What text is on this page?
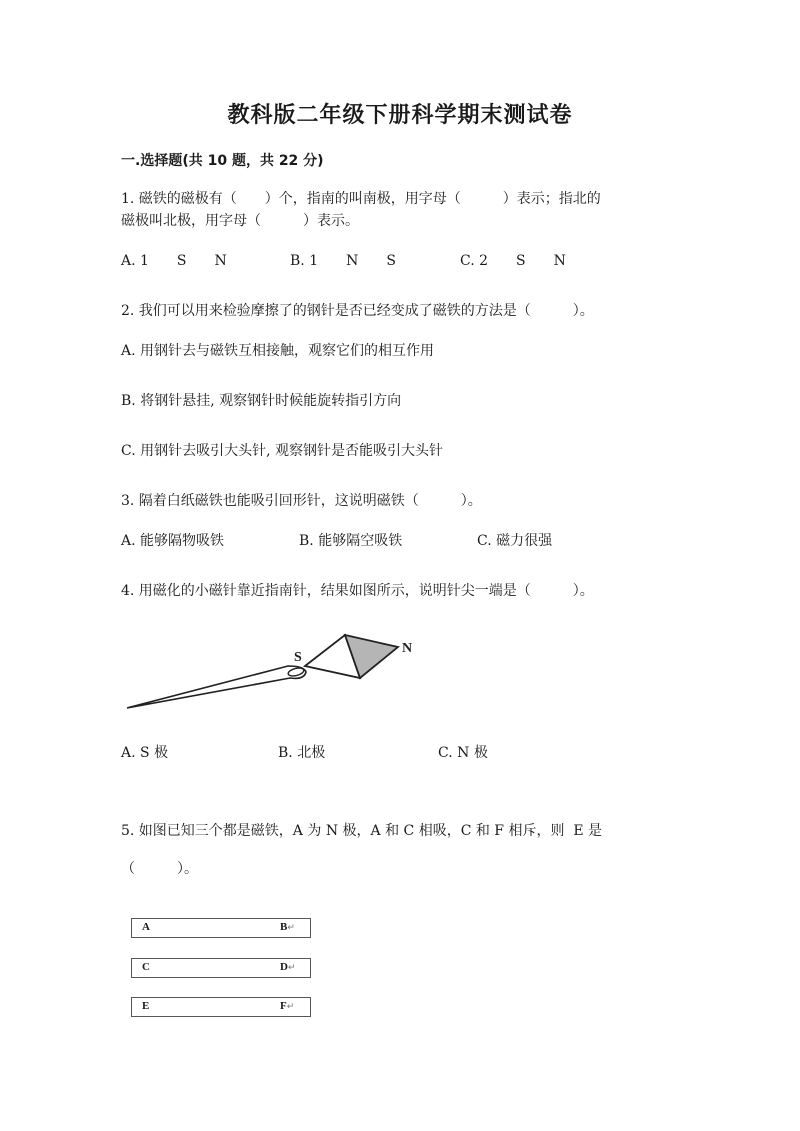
教科版二年级下册科学期末测试卷
一.选择题(共 10 题，共 22 分)
1. 磁铁的磁极有（　　）个，指南的叫南极，用字母（　　　）表示；指北的
磁极叫北极，用字母（　　　）表示。
A. 1　　S　　N	B. 1　　N　　S	C. 2　　S　　N
2. 我们可以用来检验摩擦了的钢针是否已经变成了磁铁的方法是（　　　）。
A. 用钢针去与磁铁互相接触，观察它们的相互作用
B. 将钢针悬挂, 观察钢针时候能旋转指引方向
C. 用钢针去吸引大头针, 观察钢针是否能吸引大头针
3. 隔着白纸磁铁也能吸引回形针，这说明磁铁（　　　）。
A. 能够隔物吸铁	B. 能够隔空吸铁	C. 磁力很强
4. 用磁化的小磁针靠近指南针，结果如图所示，说明针尖一端是（　　　）。
S
N
A. S 极	B. 北极	C. N 极
5. 如图已知三个都是磁铁，A 为 N 极，A 和 C 相吸，C 和 F 相斥，则  E 是
（　　　）。
A	B↵
C	D↵
E	F↵
